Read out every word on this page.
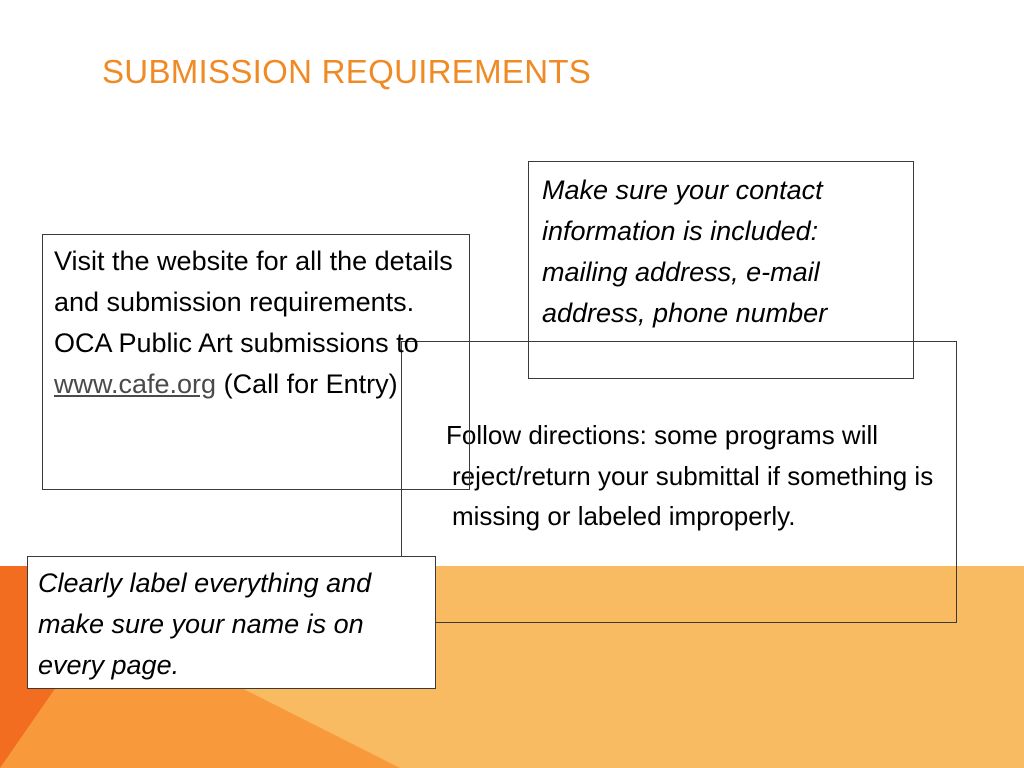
SUBMISSION REQUIREMENTS
Follow directions: some programs will reject/return your submittal if something is missing or labeled improperly.
Visit the website for all the details and submission requirements. OCA Public Art submissions to www.cafe.org (Call for Entry)
Make sure your contact information is included: mailing address, e-mail address, phone number
Clearly label everything and make sure your name is on every page.
